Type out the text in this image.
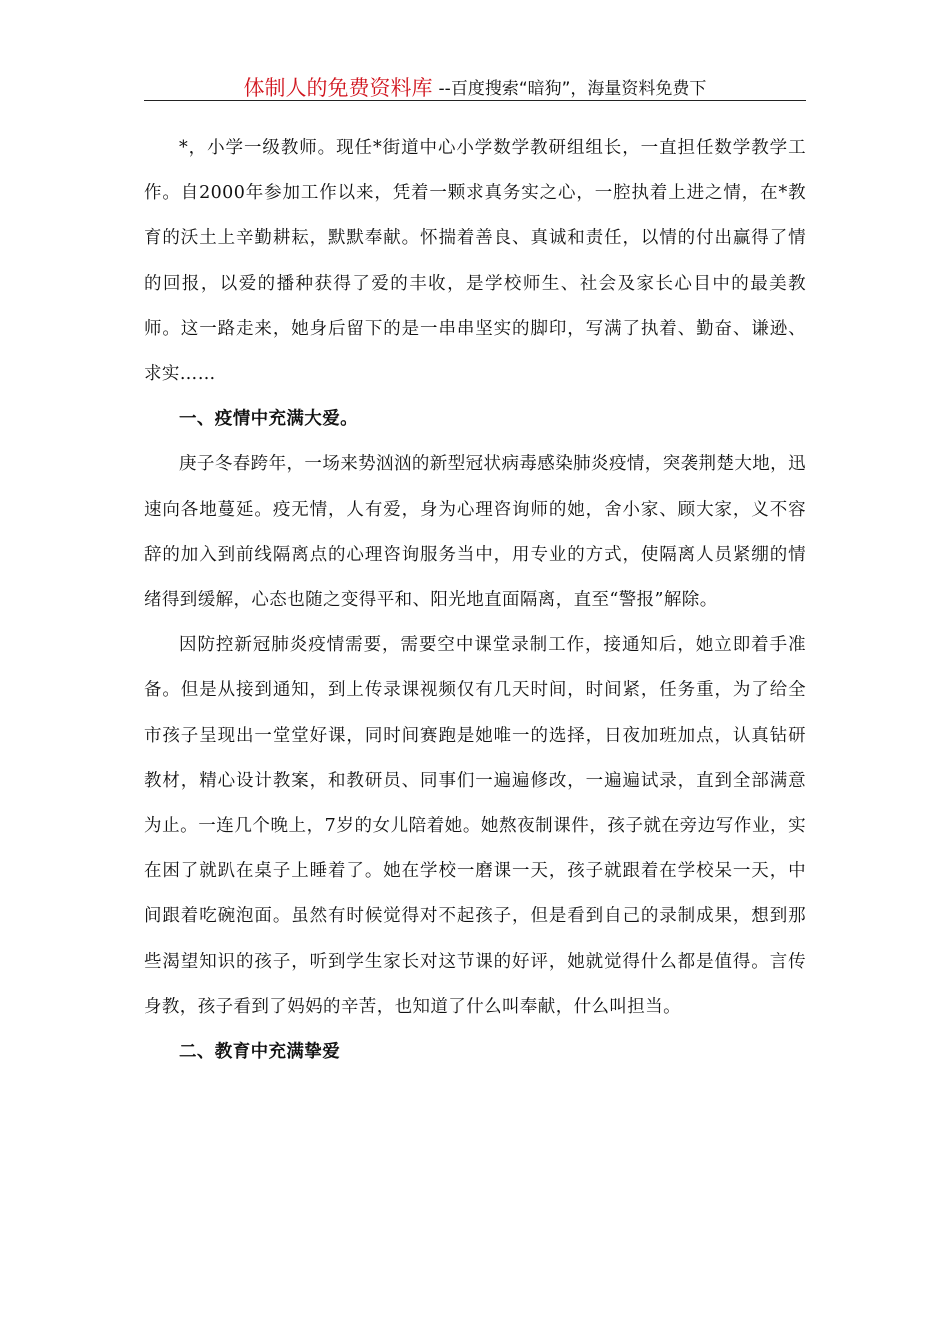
体制人的免费资料库 --百度搜索“暗狗”，海量资料免费下

*，小学一级教师。现任*街道中心小学数学教研组组长，一直担任数学教学工作。自2000年参加工作以来，凭着一颗求真务实之心，一腔执着上进之情，在*教育的沃土上辛勤耕耘，默默奉献。怀揣着善良、真诚和责任，以情的付出赢得了情的回报，以爱的播种获得了爱的丰收，是学校师生、社会及家长心目中的最美教师。这一路走来，她身后留下的是一串串坚实的脚印，写满了执着、勤奋、谦逊、求实……

一、疫情中充满大爱。

庚子冬春跨年，一场来势汹汹的新型冠状病毒感染肺炎疫情，突袭荆楚大地，迅速向各地蔓延。疫无情，人有爱，身为心理咨询师的她，舍小家、顾大家，义不容辞的加入到前线隔离点的心理咨询服务当中，用专业的方式，使隔离人员紧绷的情绪得到缓解，心态也随之变得平和、阳光地直面隔离，直至“警报”解除。

因防控新冠肺炎疫情需要，需要空中课堂录制工作，接通知后，她立即着手准备。但是从接到通知，到上传录课视频仅有几天时间，时间紧，任务重，为了给全市孩子呈现出一堂堂好课，同时间赛跑是她唯一的选择，日夜加班加点，认真钻研教材，精心设计教案，和教研员、同事们一遍遍修改，一遍遍试录，直到全部满意为止。一连几个晚上，7岁的女儿陪着她。她熬夜制课件，孩子就在旁边写作业，实在困了就趴在桌子上睡着了。她在学校一磨课一天，孩子就跟着在学校呆一天，中间跟着吃碗泡面。虽然有时候觉得对不起孩子，但是看到自己的录制成果，想到那些渴望知识的孩子，听到学生家长对这节课的好评，她就觉得什么都是值得。言传身教，孩子看到了妈妈的辛苦，也知道了什么叫奉献，什么叫担当。

二、教育中充满挚爱
